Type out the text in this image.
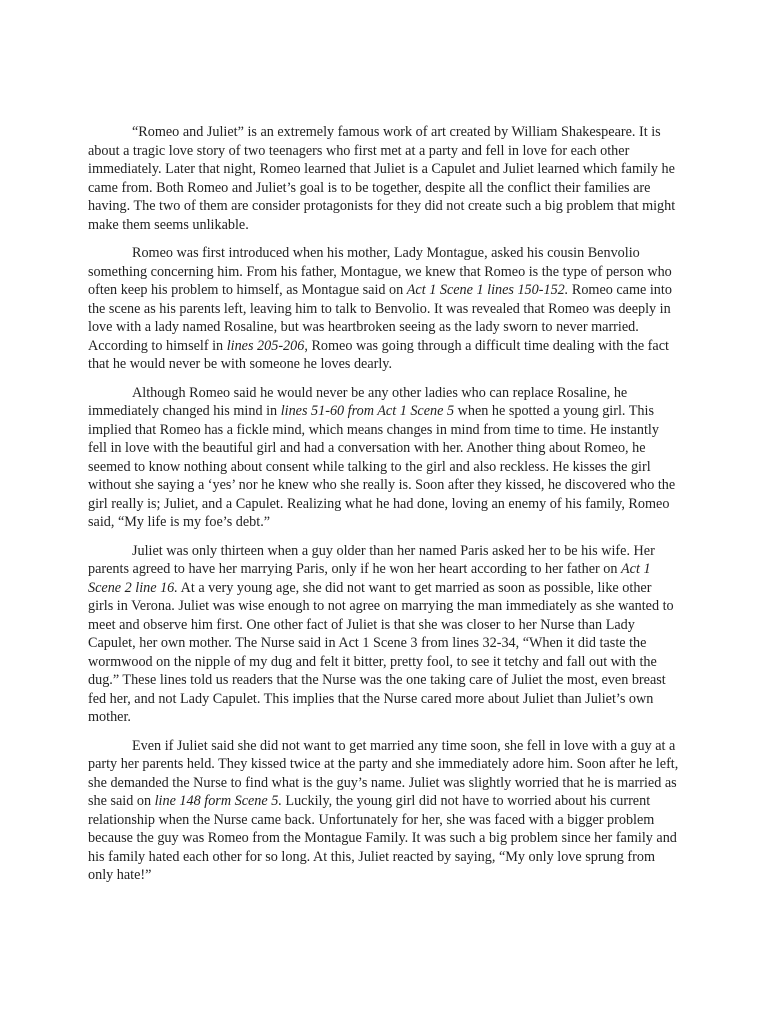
“Romeo and Juliet” is an extremely famous work of art created by William Shakespeare. It is about a tragic love story of two teenagers who first met at a party and fell in love for each other immediately. Later that night, Romeo learned that Juliet is a Capulet and Juliet learned which family he came from. Both Romeo and Juliet’s goal is to be together, despite all the conflict their families are having. The two of them are consider protagonists for they did not create such a big problem that might make them seems unlikable.

Romeo was first introduced when his mother, Lady Montague, asked his cousin Benvolio something concerning him. From his father, Montague, we knew that Romeo is the type of person who often keep his problem to himself, as Montague said on Act 1 Scene 1 lines 150-152. Romeo came into the scene as his parents left, leaving him to talk to Benvolio. It was revealed that Romeo was deeply in love with a lady named Rosaline, but was heartbroken seeing as the lady sworn to never married. According to himself in lines 205-206, Romeo was going through a difficult time dealing with the fact that he would never be with someone he loves dearly.

Although Romeo said he would never be any other ladies who can replace Rosaline, he immediately changed his mind in lines 51-60 from Act 1 Scene 5 when he spotted a young girl. This implied that Romeo has a fickle mind, which means changes in mind from time to time. He instantly fell in love with the beautiful girl and had a conversation with her. Another thing about Romeo, he seemed to know nothing about consent while talking to the girl and also reckless. He kisses the girl without she saying a ‘yes’ nor he knew who she really is. Soon after they kissed, he discovered who the girl really is; Juliet, and a Capulet. Realizing what he had done, loving an enemy of his family, Romeo said, “My life is my foe’s debt.”

Juliet was only thirteen when a guy older than her named Paris asked her to be his wife. Her parents agreed to have her marrying Paris, only if he won her heart according to her father on Act 1 Scene 2 line 16. At a very young age, she did not want to get married as soon as possible, like other girls in Verona. Juliet was wise enough to not agree on marrying the man immediately as she wanted to meet and observe him first. One other fact of Juliet is that she was closer to her Nurse than Lady Capulet, her own mother. The Nurse said in Act 1 Scene 3 from lines 32-34, “When it did taste the wormwood on the nipple of my dug and felt it bitter, pretty fool, to see it tetchy and fall out with the dug.” These lines told us readers that the Nurse was the one taking care of Juliet the most, even breast fed her, and not Lady Capulet. This implies that the Nurse cared more about Juliet than Juliet’s own mother.

Even if Juliet said she did not want to get married any time soon, she fell in love with a guy at a party her parents held. They kissed twice at the party and she immediately adore him. Soon after he left, she demanded the Nurse to find what is the guy’s name. Juliet was slightly worried that he is married as she said on line 148 form Scene 5. Luckily, the young girl did not have to worried about his current relationship when the Nurse came back. Unfortunately for her, she was faced with a bigger problem because the guy was Romeo from the Montague Family. It was such a big problem since her family and his family hated each other for so long. At this, Juliet reacted by saying, “My only love sprung from only hate!”
